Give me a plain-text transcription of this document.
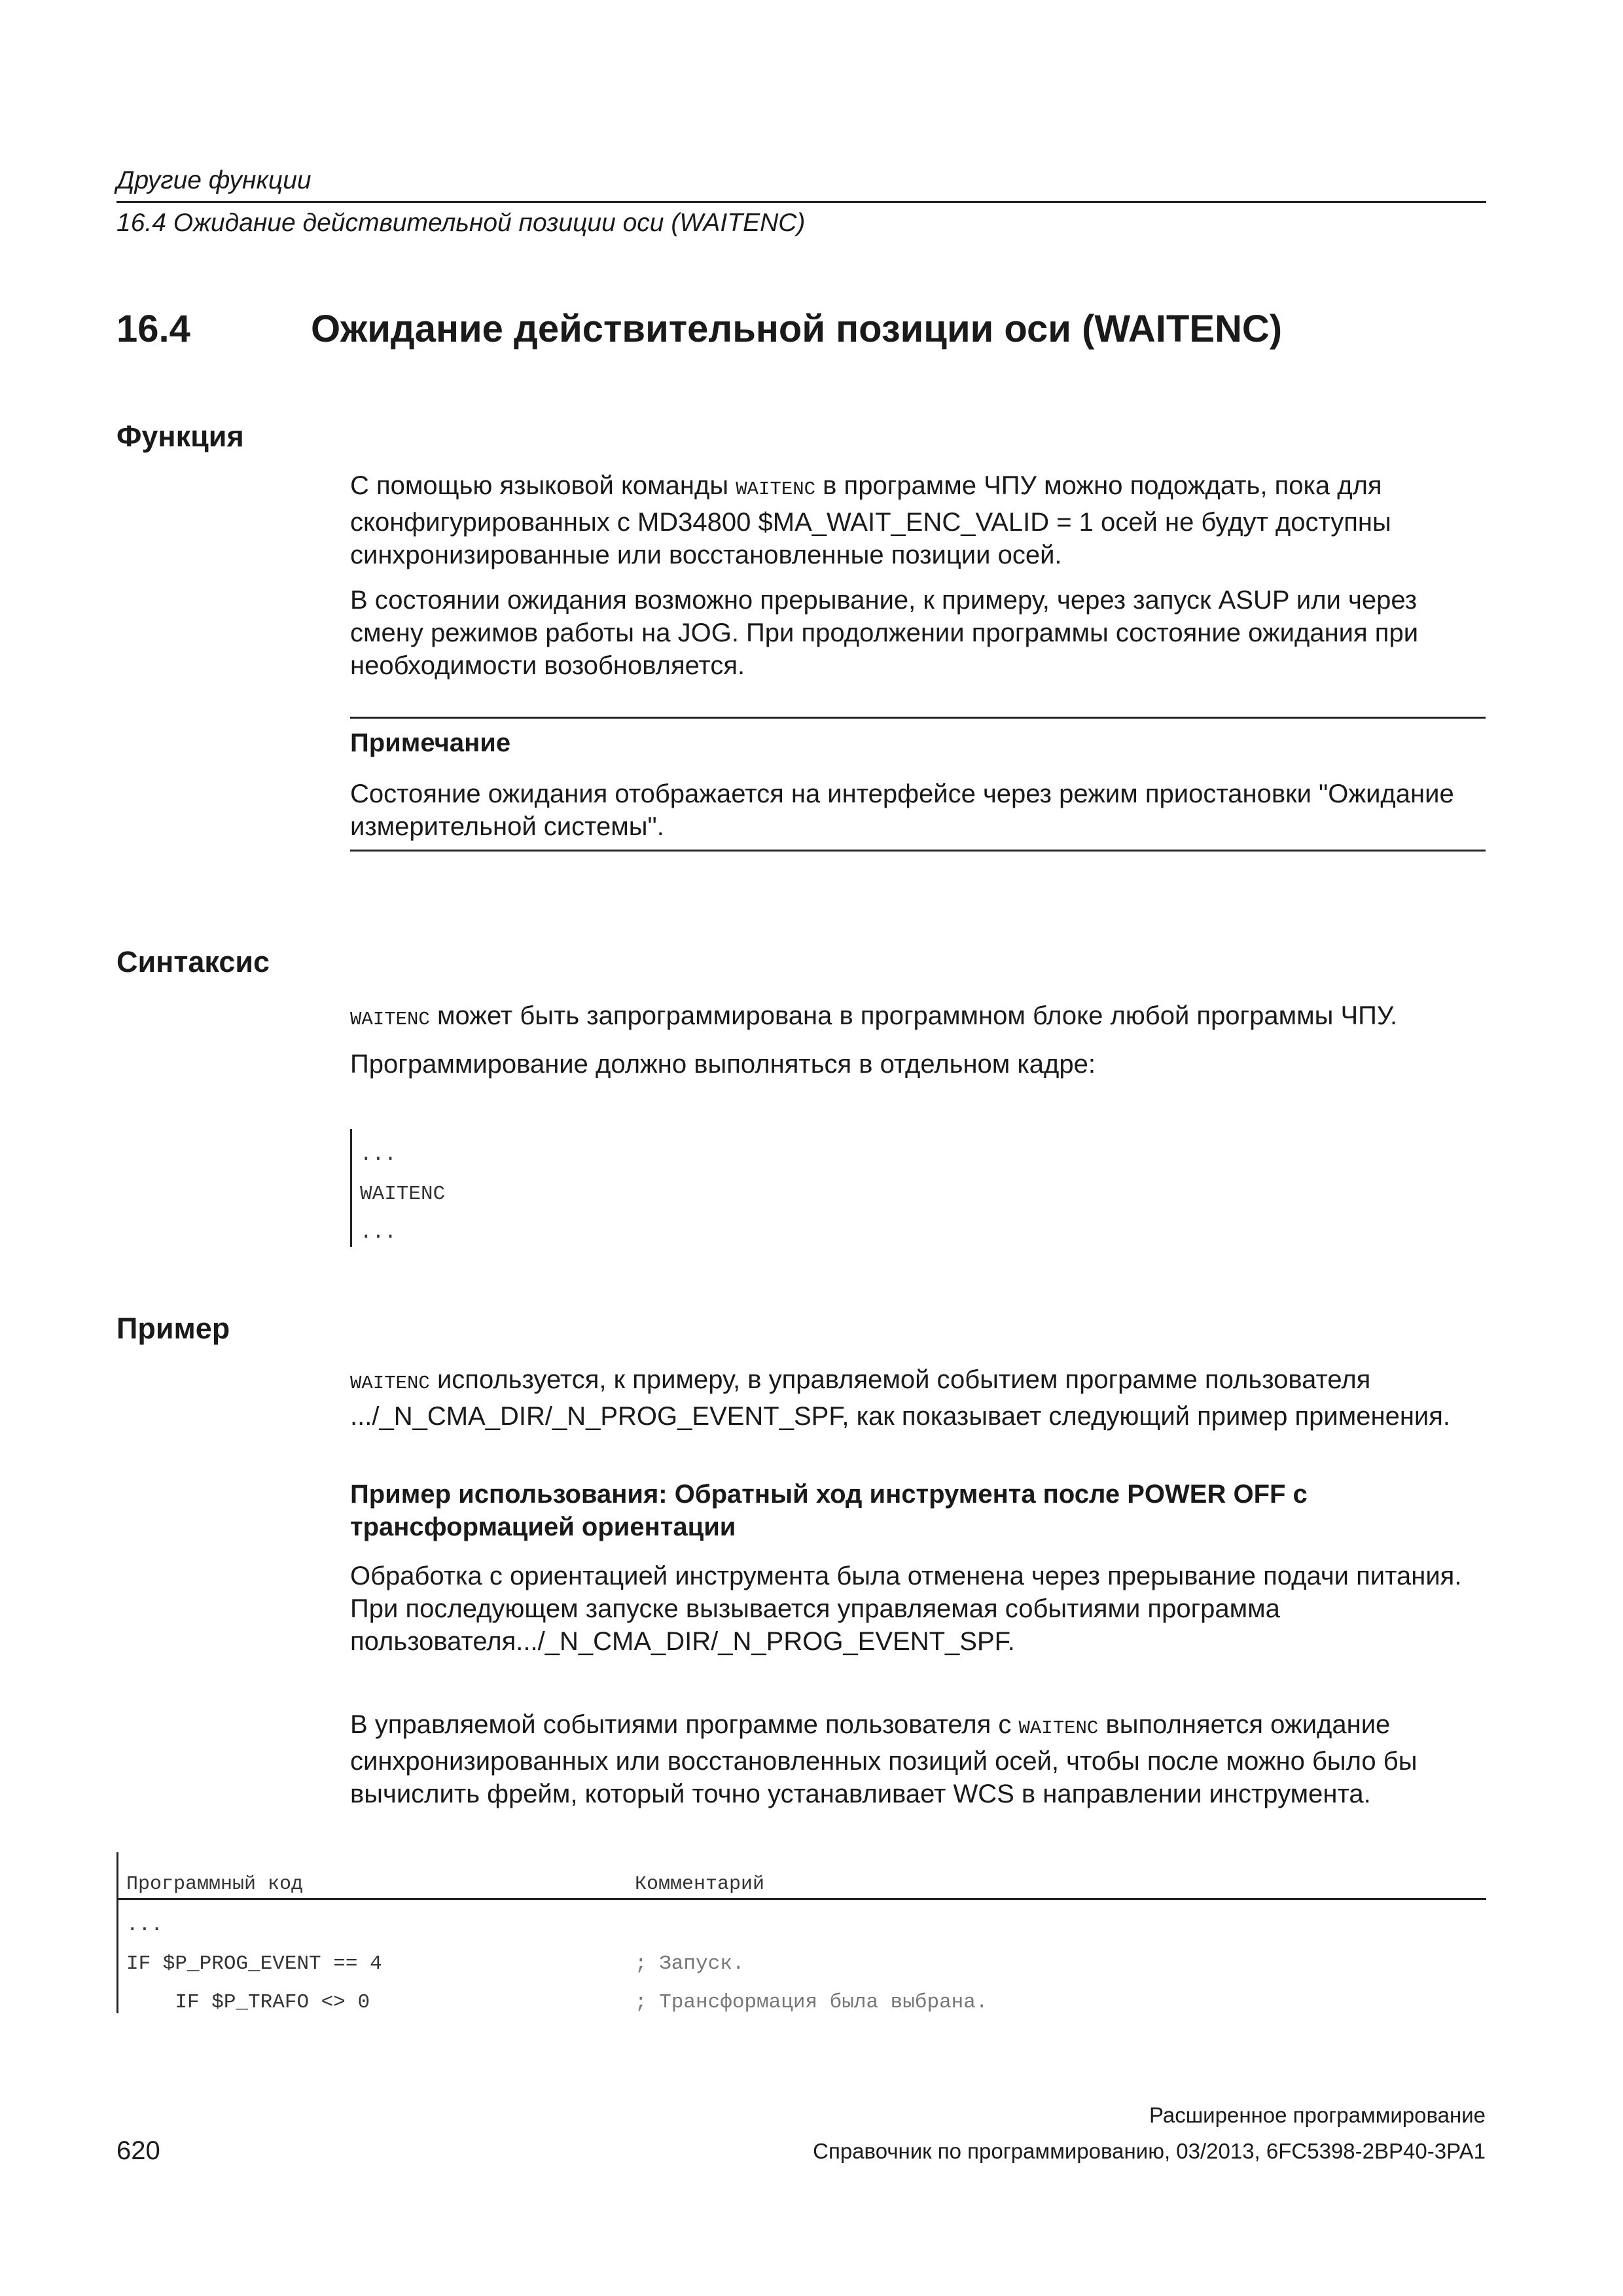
Другие функции
16.4 Ожидание действительной позиции оси (WAITENC)
16.4	Ожидание действительной позиции оси (WAITENC)
Функция

С помощью языковой команды WAITENC в программе ЧПУ можно подождать, пока для сконфигурированных с MD34800 $MA_WAIT_ENC_VALID = 1 осей не будут доступны синхронизированные или восстановленные позиции осей.

В состоянии ожидания возможно прерывание, к примеру, через запуск ASUP или через смену режимов работы на JOG. При продолжении программы состояние ожидания при необходимости возобновляется.

Примечание

Состояние ожидания отображается на интерфейсе через режим приостановки "Ожидание измерительной системы".

Синтаксис

WAITENC может быть запрограммирована в программном блоке любой программы ЧПУ.

Программирование должно выполняться в отдельном кадре:

...
WAITENC
...
Пример

WAITENC используется, к примеру, в управляемой событием программе пользователя .../_N_CMA_DIR/_N_PROG_EVENT_SPF, как показывает следующий пример применения.

Пример использования: Обратный ход инструмента после POWER OFF с трансформацией ориентации

Обработка с ориентацией инструмента была отменена через прерывание подачи питания.
При последующем запуске вызывается управляемая событиями программа пользователя.../_N_CMA_DIR/_N_PROG_EVENT_SPF.

В управляемой событиями программе пользователя с WAITENC выполняется ожидание синхронизированных или восстановленных позиций осей, чтобы после можно было бы вычислить фрейм, который точно устанавливает WCS в направлении инструмента.

Программный код	Комментарий
...
IF $P_PROG_EVENT == 4	; Запуск.
IF $P_TRAFO <> 0	; Трансформация была выбрана.
Расширенное программирование
620	Справочник по программированию, 03/2013, 6FC5398-2BP40-3PA1
